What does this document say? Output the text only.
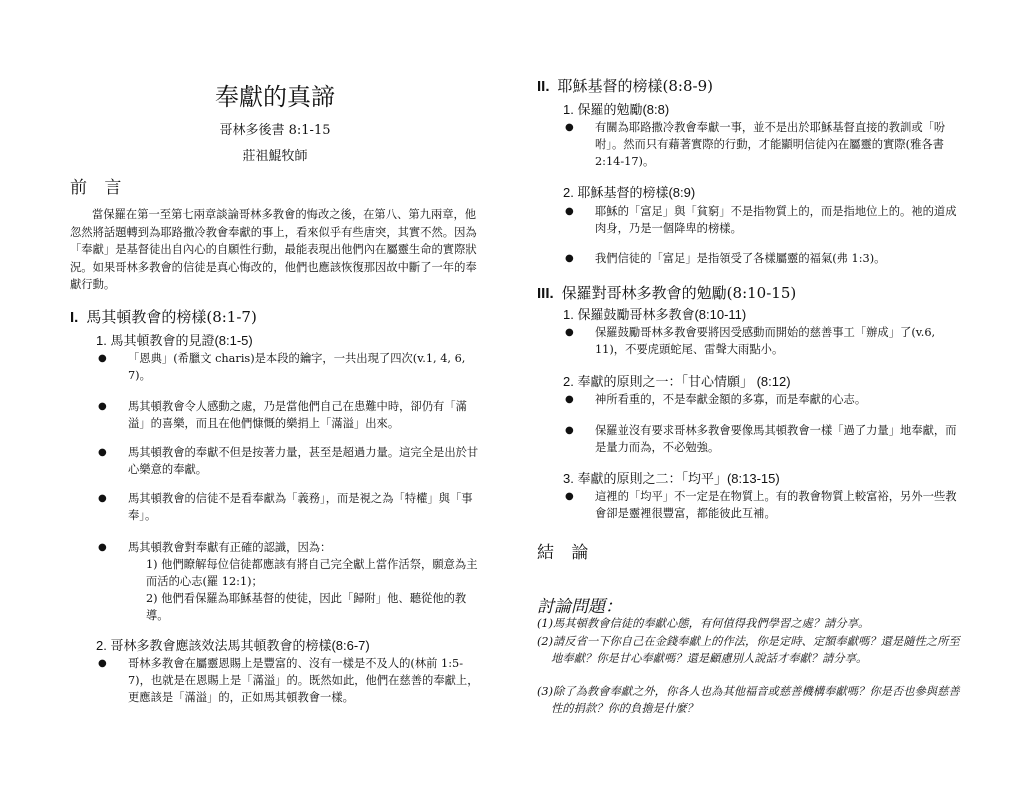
奉獻的真諦
哥林多後書 8:1-15
莊祖鯤牧師
前 言
當保羅在第一至第七兩章談論哥林多教會的悔改之後，在第八、第九兩章，他忽然將話題轉到為耶路撒冷教會奉獻的事上，看來似乎有些唐突，其實不然。因為「奉獻」是基督徒出自內心的自願性行動，最能表現出他們內在屬靈生命的實際狀況。如果哥林多教會的信徒是真心悔改的，他們也應該恢復那因故中斷了一年的奉獻行動。
I. 馬其頓教會的榜樣(8:1-7)
1. 馬其頓教會的見證(8:1-5)
● 「恩典」(希臘文 charis)是本段的鑰字，一共出現了四次(v.1, 4, 6, 7)。
● 馬其頓教會令人感動之處，乃是當他們自己在患難中時，卻仍有「滿溢」的喜樂，而且在他們慷慨的樂捐上「滿溢」出來。
● 馬其頓教會的奉獻不但是按著力量，甚至是超過力量。這完全是出於甘心樂意的奉獻。
● 馬其頓教會的信徒不是看奉獻為「義務」，而是視之為「特權」與「事奉」。
● 馬其頓教會對奉獻有正確的認識，因為：
1) 他們瞭解每位信徒都應該有將自己完全獻上當作活祭，願意為主而活的心志(羅 12:1)；
2) 他們看保羅為耶穌基督的使徒，因此「歸附」他、聽從他的教導。
2. 哥林多教會應該效法馬其頓教會的榜樣(8:6-7)
● 哥林多教會在屬靈恩賜上是豐富的、沒有一樣是不及人的(林前 1:5-7)，也就是在恩賜上是「滿溢」的。既然如此，他們在慈善的奉獻上，更應該是「滿溢」的，正如馬其頓教會一樣。
II. 耶穌基督的榜樣(8:8-9)
1. 保羅的勉勵(8:8)
● 有關為耶路撒冷教會奉獻一事，並不是出於耶穌基督直接的教訓或「吩咐」。然而只有藉著實際的行動，才能顯明信徒內在屬靈的實際(雅各書 2:14-17)。
2. 耶穌基督的榜樣(8:9)
● 耶穌的「富足」與「貧窮」不是指物質上的，而是指地位上的。祂的道成肉身，乃是一個降卑的榜樣。
● 我們信徒的「富足」是指領受了各樣屬靈的福氣(弗 1:3)。
III. 保羅對哥林多教會的勉勵(8:10-15)
1. 保羅鼓勵哥林多教會(8:10-11)
● 保羅鼓勵哥林多教會要將因受感動而開始的慈善事工「辦成」了(v.6, 11)，不要虎頭蛇尾、雷聲大雨點小。
2. 奉獻的原則之一：「甘心情願」 (8:12)
● 神所看重的，不是奉獻金額的多寡，而是奉獻的心志。
● 保羅並沒有要求哥林多教會要像馬其頓教會一樣「過了力量」地奉獻，而是量力而為，不必勉強。
3. 奉獻的原則之二：「均平」(8:13-15)
● 這裡的「均平」不一定是在物質上。有的教會物質上較富裕，另外一些教會卻是靈裡很豐富，都能彼此互補。
結 論
討論問題：
(1)馬其頓教會信徒的奉獻心態，有何值得我們學習之處？請分享。
(2)請反省一下你自己在金錢奉獻上的作法，你是定時、定額奉獻嗎？還是隨性之所至地奉獻？你是甘心奉獻嗎？還是顧慮別人說話才奉獻？請分享。
(3)除了為教會奉獻之外，你各人也為其他福音或慈善機構奉獻嗎？你是否也參與慈善性的捐款？你的負擔是什麼？
